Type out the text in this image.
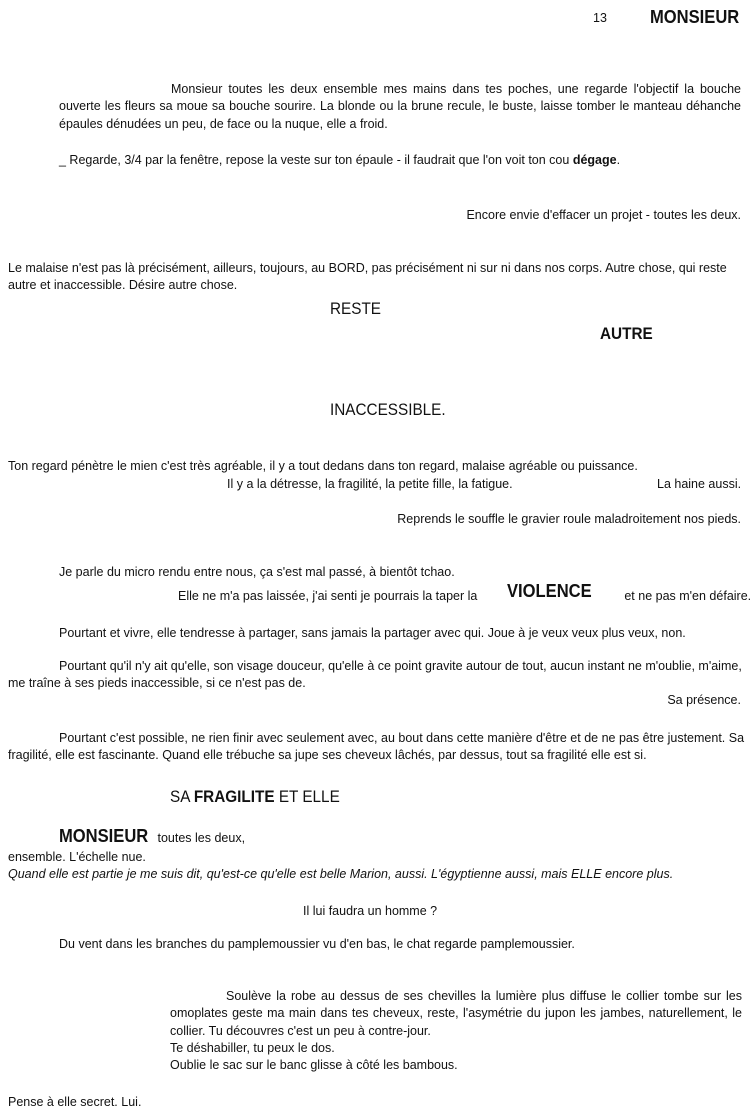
13 MONSIEUR

Monsieur toutes les deux ensemble mes mains dans tes poches, une regarde l'objectif la bouche ouverte les fleurs sa moue sa bouche sourire. La blonde ou la brune recule, le buste, laisse tomber le manteau déhanche épaules dénudées un peu, de face ou la nuque, elle a froid.

_ Regarde, 3/4 par la fenêtre, repose la veste sur ton épaule - il faudrait que l'on voit ton cou dégage.

Encore envie d'effacer un projet - toutes les deux.

Le malaise n'est pas là précisément, ailleurs, toujours, au BORD, pas précisément ni sur ni dans nos corps. Autre chose, qui reste autre et inaccessible. Désire autre chose.

RESTE
AUTRE
INACCESSIBLE.

Ton regard pénètre le mien c'est très agréable, il y a tout dedans dans ton regard, malaise agréable ou puissance.

Il y a la détresse, la fragilité, la petite fille, la fatigue.	La haine aussi.

Reprends le souffle le gravier roule maladroitement nos pieds.

Je parle du micro rendu entre nous, ça s'est mal passé, à bientôt tchao.

Elle ne m'a pas laissée, j'ai senti je pourrais la taper la VIOLENCE	et ne pas m'en défaire.

Pourtant et vivre, elle tendresse à partager, sans jamais la partager avec qui. Joue à je veux veux plus veux, non.

Pourtant qu'il n'y ait qu'elle, son visage douceur, qu'elle à ce point gravite autour de tout, aucun instant ne m'oublie, m'aime, me traîne à ses pieds inaccessible, si ce n'est pas de.

Sa présence.

Pourtant c'est possible, ne rien finir avec seulement avec, au bout dans cette manière d'être et de ne pas être justement. Sa fragilité, elle est fascinante. Quand elle trébuche sa jupe ses cheveux lâchés, par dessus, tout sa fragilité elle est si.

SA FRAGILITE ET ELLE
MONSIEUR toutes les deux,

ensemble. L'échelle nue.

Quand elle est partie je me suis dit, qu'est-ce qu'elle est belle Marion, aussi. L'égyptienne aussi, mais ELLE encore plus.

Il lui faudra un homme ?

Du vent dans les branches du pamplemoussier vu d'en bas, le chat regarde pamplemoussier.

Soulève la robe au dessus de ses chevilles la lumière plus diffuse le collier tombe sur les omoplates geste ma main dans tes cheveux, reste, l'asymétrie du jupon les jambes, naturellement, le collier. Tu découvres c'est un peu à contre-jour.

Te déshabiller, tu peux le dos.

Oublie le sac sur le banc glisse à côté les bambous.

Pense à elle secret. Lui.
